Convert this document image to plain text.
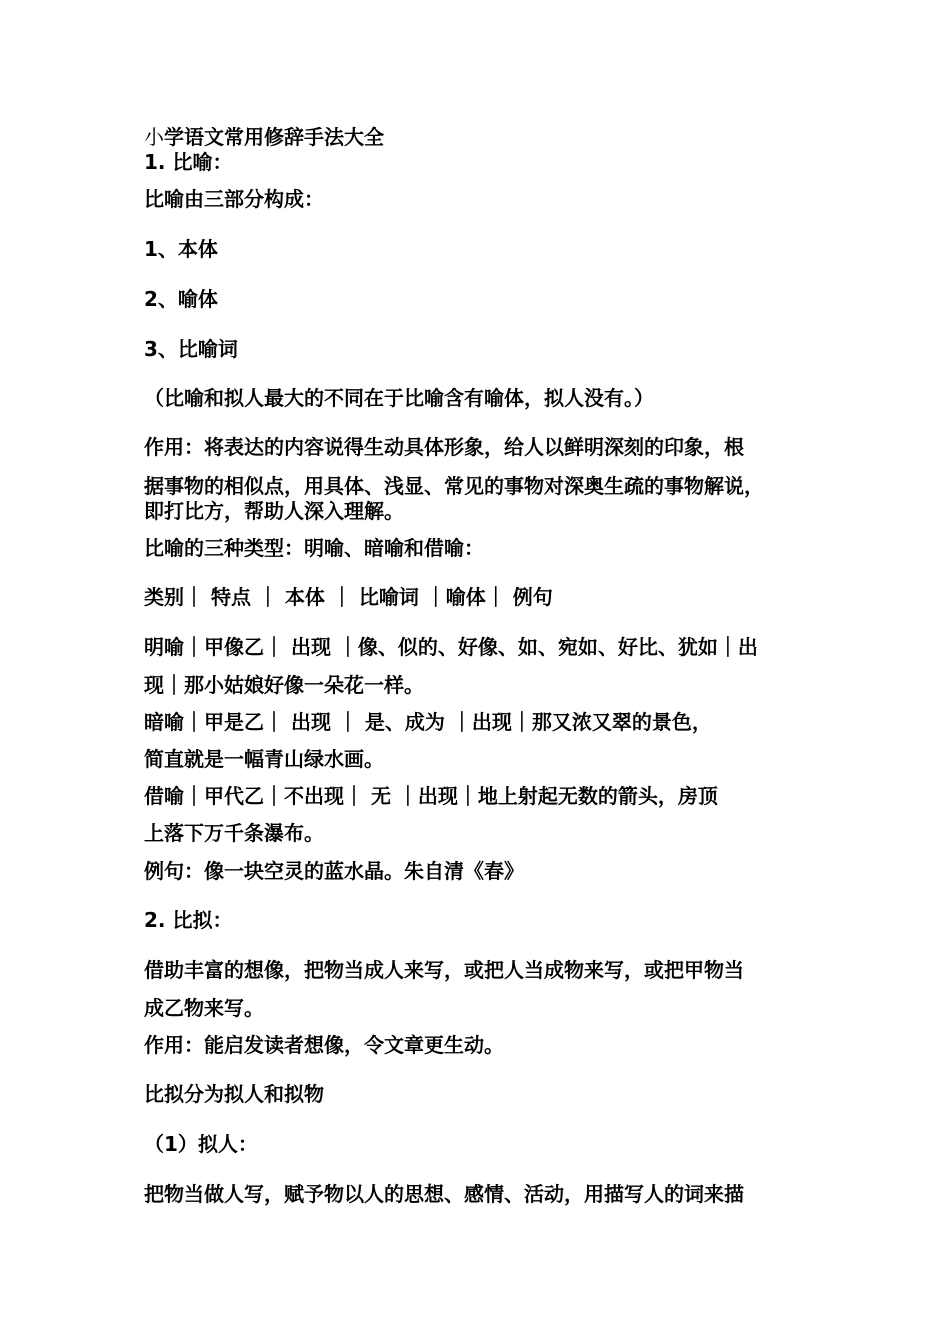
小学语文常用修辞手法大全
1. 比喻：
比喻由三部分构成：
1、本体
2、喻体
3、比喻词
（比喻和拟人最大的不同在于比喻含有喻体，拟人没有。）
作用：将表达的内容说得生动具体形象，给人以鲜明深刻的印象，根
据事物的相似点，用具体、浅显、常见的事物对深奥生疏的事物解说，
即打比方，帮助人深入理解。
比喻的三种类型：明喻、暗喻和借喻：
类别｜ 特点 ｜ 本体 ｜ 比喻词 ｜喻体｜ 例句
明喻｜甲像乙｜ 出现 ｜像、似的、好像、如、宛如、好比、犹如｜出
现｜那小姑娘好像一朵花一样。
暗喻｜甲是乙｜ 出现 ｜ 是、成为 ｜出现｜那又浓又翠的景色，
简直就是一幅青山绿水画。
借喻｜甲代乙｜不出现｜ 无 ｜出现｜地上射起无数的箭头，房顶
上落下万千条瀑布。
例句：像一块空灵的蓝水晶。朱自清《春》
2. 比拟：
借助丰富的想像，把物当成人来写，或把人当成物来写，或把甲物当
成乙物来写。
作用：能启发读者想像，令文章更生动。
比拟分为拟人和拟物
（1）拟人：
把物当做人写，赋予物以人的思想、感情、活动，用描写人的词来描
